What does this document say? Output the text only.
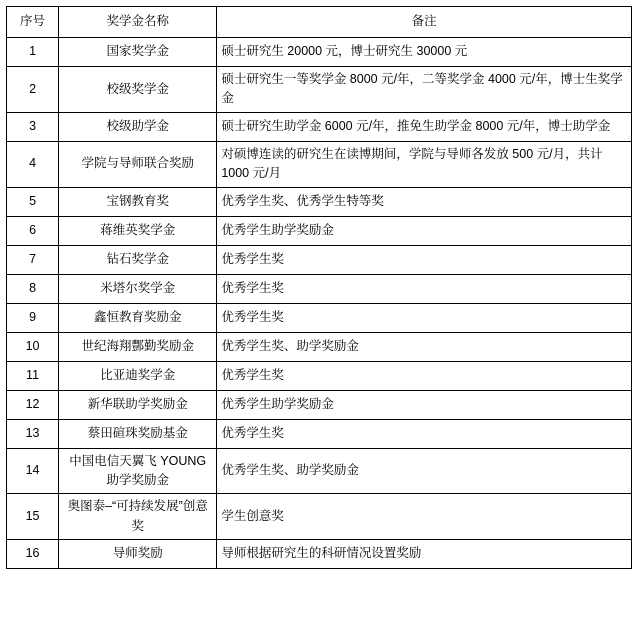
序号	奖学金名称	备注
1	国家奖学金	硕士研究生 20000 元，博士研究生 30000 元
2	校级奖学金	硕士研究生一等奖学金 8000 元/年，二等奖学金 4000 元/年，博士生奖学金
3	校级助学金	硕士研究生助学金 6000 元/年，推免生助学金 8000 元/年，博士助学金
4	学院与导师联合奖励	对硕博连读的研究生在读博期间，学院与导师各发放 500 元/月，共计 1000 元/月
5	宝钢教育奖	优秀学生奖、优秀学生特等奖
6	蒋维英奖学金	优秀学生助学奖励金
7	钻石奖学金	优秀学生奖
8	米塔尔奖学金	优秀学生奖
9	鑫恒教育奖励金	优秀学生奖
10	世纪海翔酆勤奖励金	优秀学生奖、助学奖励金
11	比亚迪奖学金	优秀学生奖
12	新华联助学奖励金	优秀学生助学奖励金
13	蔡田碹珠奖励基金	优秀学生奖
14	中国电信天翼飞 YOUNG 助学奖励金	优秀学生奖、助学奖励金
15	奥图泰–“可持续发展”创意奖	学生创意奖
16	导师奖励	导师根据研究生的科研情况设置奖励
